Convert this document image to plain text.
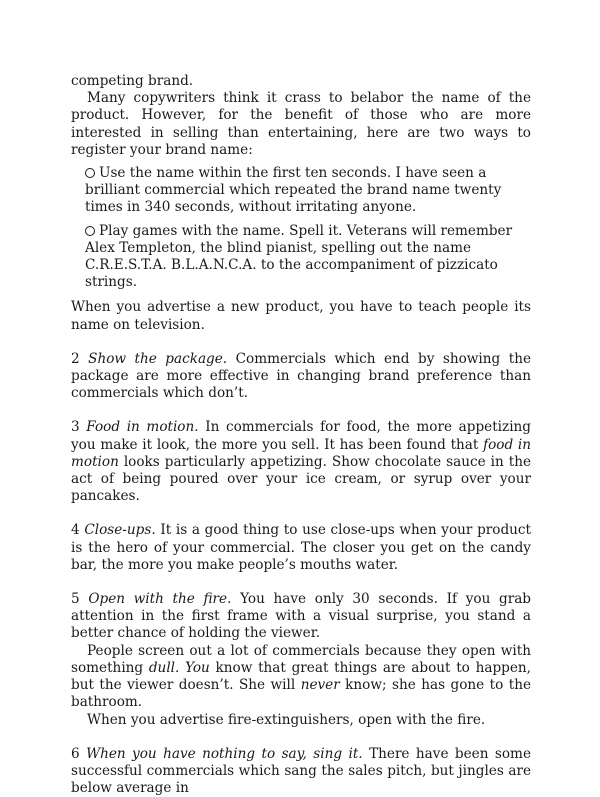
competing brand.

Many copywriters think it crass to belabor the name of the product. However, for the benefit of those who are more interested in selling than entertaining, here are two ways to register your brand name:

Use the name within the first ten seconds. I have seen a brilliant commercial which repeated the brand name twenty times in 340 seconds, without irritating anyone.

Play games with the name. Spell it. Veterans will remember Alex Templeton, the blind pianist, spelling out the name C.R.E.S.T.A. B.L.A.N.C.A. to the accompaniment of pizzicato strings.

When you advertise a new product, you have to teach people its name on television.

2 Show the package. Commercials which end by showing the package are more effective in changing brand preference than commercials which don’t.

3 Food in motion. In commercials for food, the more appetizing you make it look, the more you sell. It has been found that food in motion looks particularly appetizing. Show chocolate sauce in the act of being poured over your ice cream, or syrup over your pancakes.

4 Close-ups. It is a good thing to use close-ups when your product is the hero of your commercial. The closer you get on the candy bar, the more you make people’s mouths water.

5 Open with the fire. You have only 30 seconds. If you grab attention in the first frame with a visual surprise, you stand a better chance of holding the viewer.

People screen out a lot of commercials because they open with something dull. You know that great things are about to happen, but the viewer doesn’t. She will never know; she has gone to the bathroom.

When you advertise fire-extinguishers, open with the fire.

6 When you have nothing to say, sing it. There have been some successful commercials which sang the sales pitch, but jingles are below average in
